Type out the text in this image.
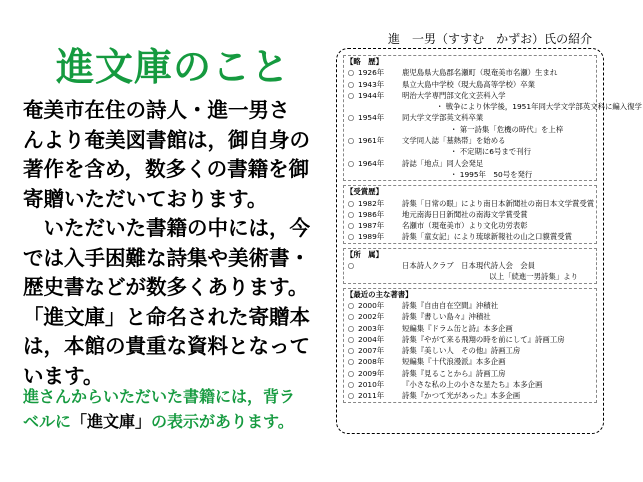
進文庫のこと
奄美市在住の詩人・進一男さ
んより奄美図書館は，御自身の
著作を含め，数多くの書籍を御
寄贈いただいております。
　いただいた書籍の中には，今
では入手困難な詩集や美術書・
歴史書などが数多くあります。
「進文庫」と命名された寄贈本
は，本館の貴重な資料となって
います。
進さんからいただいた書籍には，背ラ
ベルに「進文庫」の表示があります。
進　一男（すすむ　かずお）氏の紹介
【略　歴】
○ 1926年	鹿児島県大島郡名瀬町（現奄美市名瀬）生まれ
○ 1943年	県立大島中学校（現大島高等学校）卒業
○ 1944年	明治大学専門部文化文芸科入学
・ 戦争により休学後，1951年同大学文学部英文科に編入復学
○ 1954年	同大学文学部英文科卒業
・ 第一詩集「危機の時代」を上梓
○ 1961年	文学同人誌「墓熱帯」を始める
・ 不定期に6号まで刊行
○ 1964年	詩誌「地点」同人会発足
・ 1995年　50号を発行
【受賞歴】
○ 1982年	詩集「日常の眼」により南日本新聞社の南日本文学賞受賞
○ 1986年	地元南海日日新聞社の南海文学賞受賞
○ 1987年	名瀬市（現奄美市）より文化功労表彰
○ 1989年	詩集「童女記」により琉球新報社の山之口貘賞受賞
【所　属】
○	日本詩人クラブ　日本現代詩人会　会員
以上「続進一男詩集」より
【最近の主な著書】
○ 2000年	詩集『自由自在空間』沖積社
○ 2002年	詩集『書しい島々』沖積社
○ 2003年	短編集『ドラム缶と詩』本多企画
○ 2004年	詩集『やがて来る飛翔の時を前にして』詩画工房
○ 2007年	詩集『美しい人　その他』詩画工房
○ 2008年	短編集『十代浪漫派』本多企画
○ 2009年	詩集『見ることから』詩画工房
○ 2010年	『小さな私の上の小さな星たち』本多企画
○ 2011年	詩集『かつて光があった』本多企画
